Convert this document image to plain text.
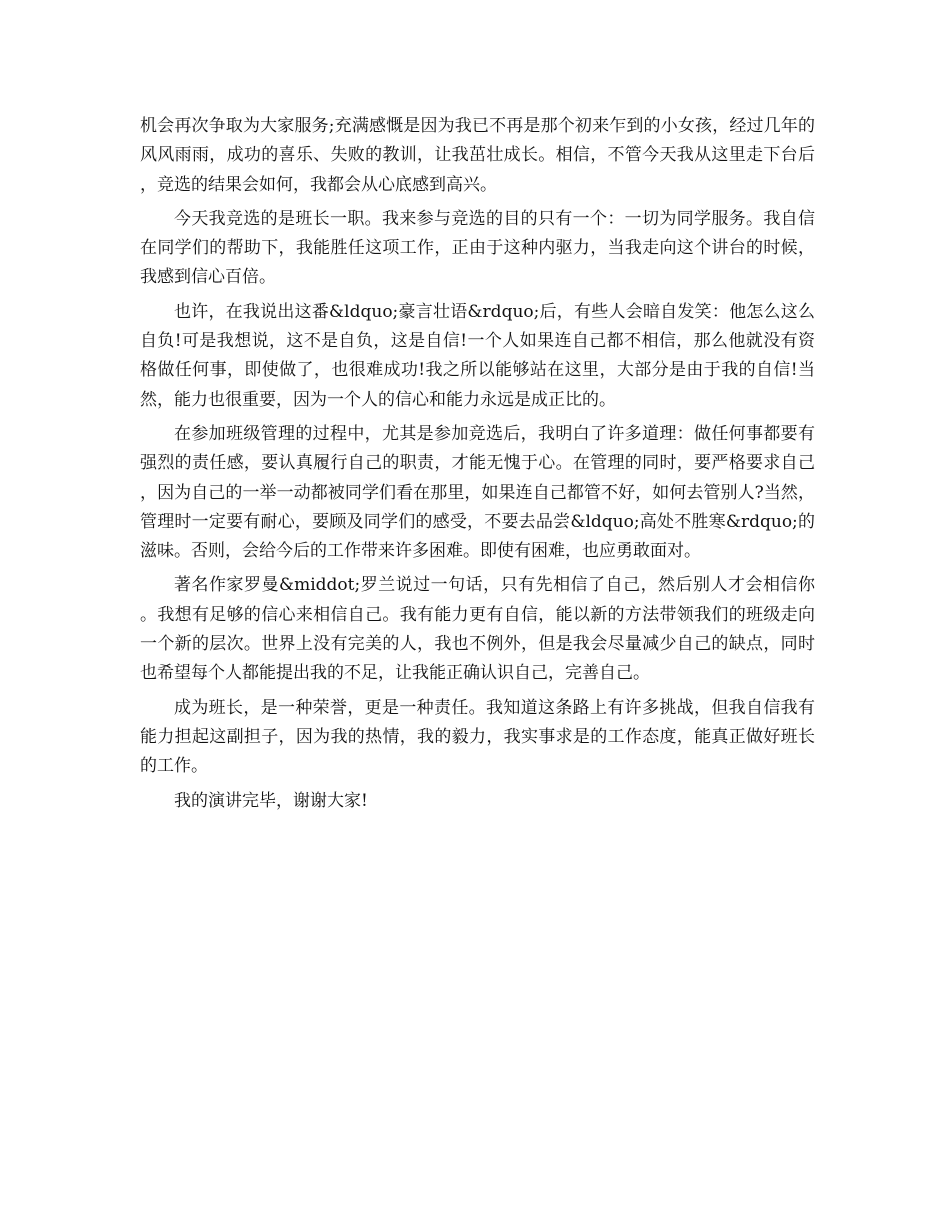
机会再次争取为大家服务;充满感慨是因为我已不再是那个初来乍到的小女孩，经过几年的风风雨雨，成功的喜乐、失败的教训，让我茁壮成长。相信，不管今天我从这里走下台后，竞选的结果会如何，我都会从心底感到高兴。

今天我竞选的是班长一职。我来参与竞选的目的只有一个：一切为同学服务。我自信在同学们的帮助下，我能胜任这项工作，正由于这种内驱力，当我走向这个讲台的时候，我感到信心百倍。

也许，在我说出这番&ldquo;豪言壮语&rdquo;后，有些人会暗自发笑：他怎么这么自负!可是我想说，这不是自负，这是自信!一个人如果连自己都不相信，那么他就没有资格做任何事，即使做了，也很难成功!我之所以能够站在这里，大部分是由于我的自信!当然，能力也很重要，因为一个人的信心和能力永远是成正比的。

在参加班级管理的过程中，尤其是参加竞选后，我明白了许多道理：做任何事都要有强烈的责任感，要认真履行自己的职责，才能无愧于心。在管理的同时，要严格要求自己，因为自己的一举一动都被同学们看在那里，如果连自己都管不好，如何去管别人?当然，管理时一定要有耐心，要顾及同学们的感受，不要去品尝&ldquo;高处不胜寒&rdquo;的滋味。否则，会给今后的工作带来许多困难。即使有困难，也应勇敢面对。

著名作家罗曼&middot;罗兰说过一句话，只有先相信了自己，然后别人才会相信你。我想有足够的信心来相信自己。我有能力更有自信，能以新的方法带领我们的班级走向一个新的层次。世界上没有完美的人，我也不例外，但是我会尽量减少自己的缺点，同时也希望每个人都能提出我的不足，让我能正确认识自己，完善自己。

成为班长，是一种荣誉，更是一种责任。我知道这条路上有许多挑战，但我自信我有能力担起这副担子，因为我的热情，我的毅力，我实事求是的工作态度，能真正做好班长的工作。

我的演讲完毕，谢谢大家!
